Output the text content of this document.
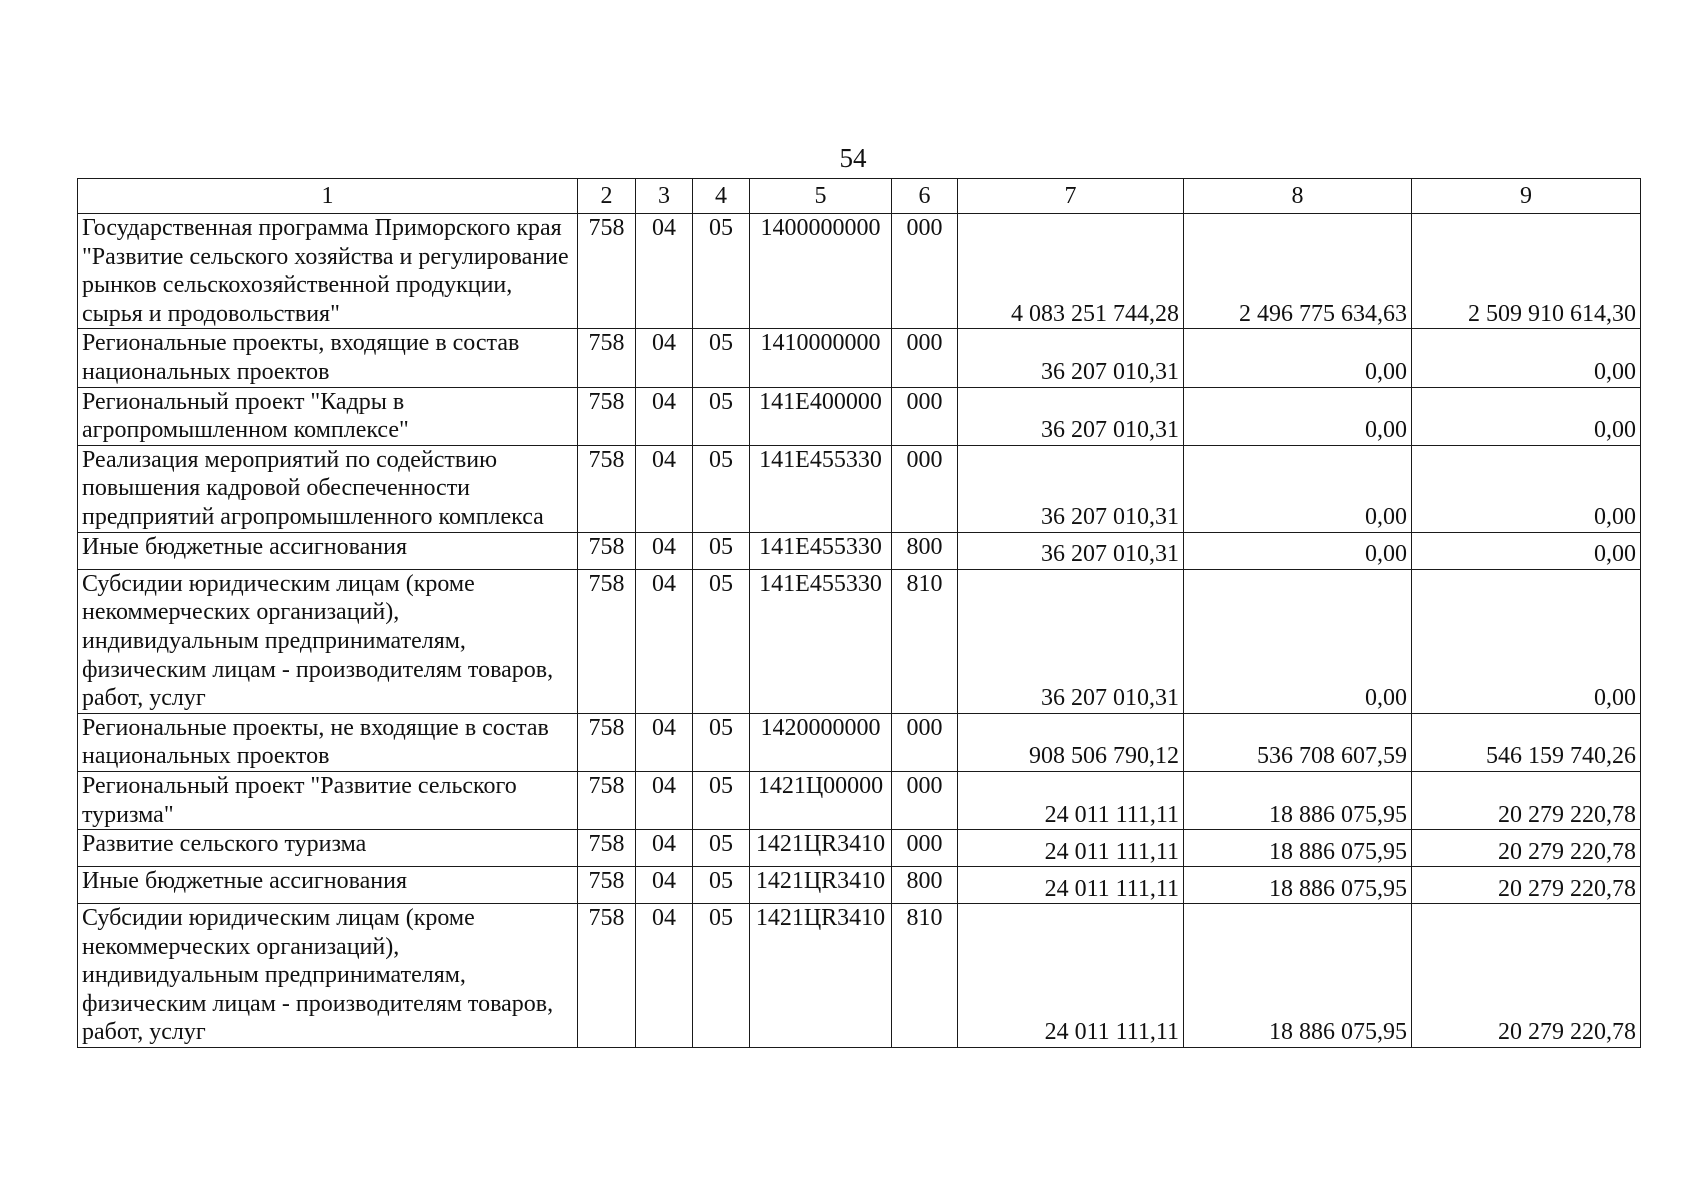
54
1	2	3	4	5	6	7	8	9
Государственная программа Приморского края "Развитие сельского хозяйства и регулирование рынков сельскохозяйственной продукции, сырья и продовольствия"	758	04	05	1400000000	000	4 083 251 744,28	2 496 775 634,63	2 509 910 614,30
Региональные проекты, входящие в состав национальных проектов	758	04	05	1410000000	000	36 207 010,31	0,00	0,00
Региональный проект "Кадры в агропромышленном комплексе"	758	04	05	141E400000	000	36 207 010,31	0,00	0,00
Реализация мероприятий по содействию повышения кадровой обеспеченности предприятий агропромышленного комплекса	758	04	05	141E455330	000	36 207 010,31	0,00	0,00
Иные бюджетные ассигнования	758	04	05	141E455330	800	36 207 010,31	0,00	0,00
Субсидии юридическим лицам (кроме некоммерческих организаций), индивидуальным предпринимателям, физическим лицам - производителям товаров, работ, услуг	758	04	05	141E455330	810	36 207 010,31	0,00	0,00
Региональные проекты, не входящие в состав национальных проектов	758	04	05	1420000000	000	908 506 790,12	536 708 607,59	546 159 740,26
Региональный проект "Развитие сельского туризма"	758	04	05	1421Ц00000	000	24 011 111,11	18 886 075,95	20 279 220,78
Развитие сельского туризма	758	04	05	1421ЦR3410	000	24 011 111,11	18 886 075,95	20 279 220,78
Иные бюджетные ассигнования	758	04	05	1421ЦR3410	800	24 011 111,11	18 886 075,95	20 279 220,78
Субсидии юридическим лицам (кроме некоммерческих организаций), индивидуальным предпринимателям, физическим лицам - производителям товаров, работ, услуг	758	04	05	1421ЦR3410	810	24 011 111,11	18 886 075,95	20 279 220,78
